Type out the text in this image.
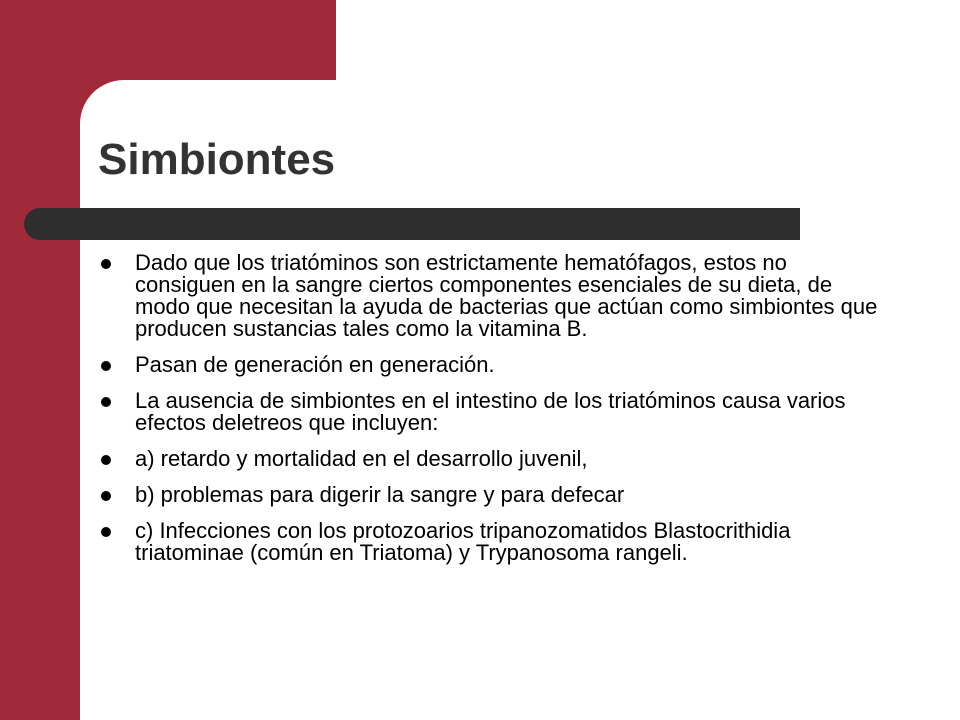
Simbiontes
Dado que los triatóminos son estrictamente hematófagos, estos no consiguen en la sangre ciertos componentes esenciales de su dieta, de modo que necesitan la ayuda de bacterias que actúan como simbiontes que producen sustancias tales como la vitamina B.
Pasan de generación en generación.
La ausencia de simbiontes en el intestino de los triatóminos causa varios efectos deletreos que incluyen:
a) retardo y mortalidad en el desarrollo juvenil,
b) problemas para digerir la sangre y para defecar
c) Infecciones con los protozoarios tripanozomatidos Blastocrithidia triatominae (común en Triatoma) y Trypanosoma rangeli.
